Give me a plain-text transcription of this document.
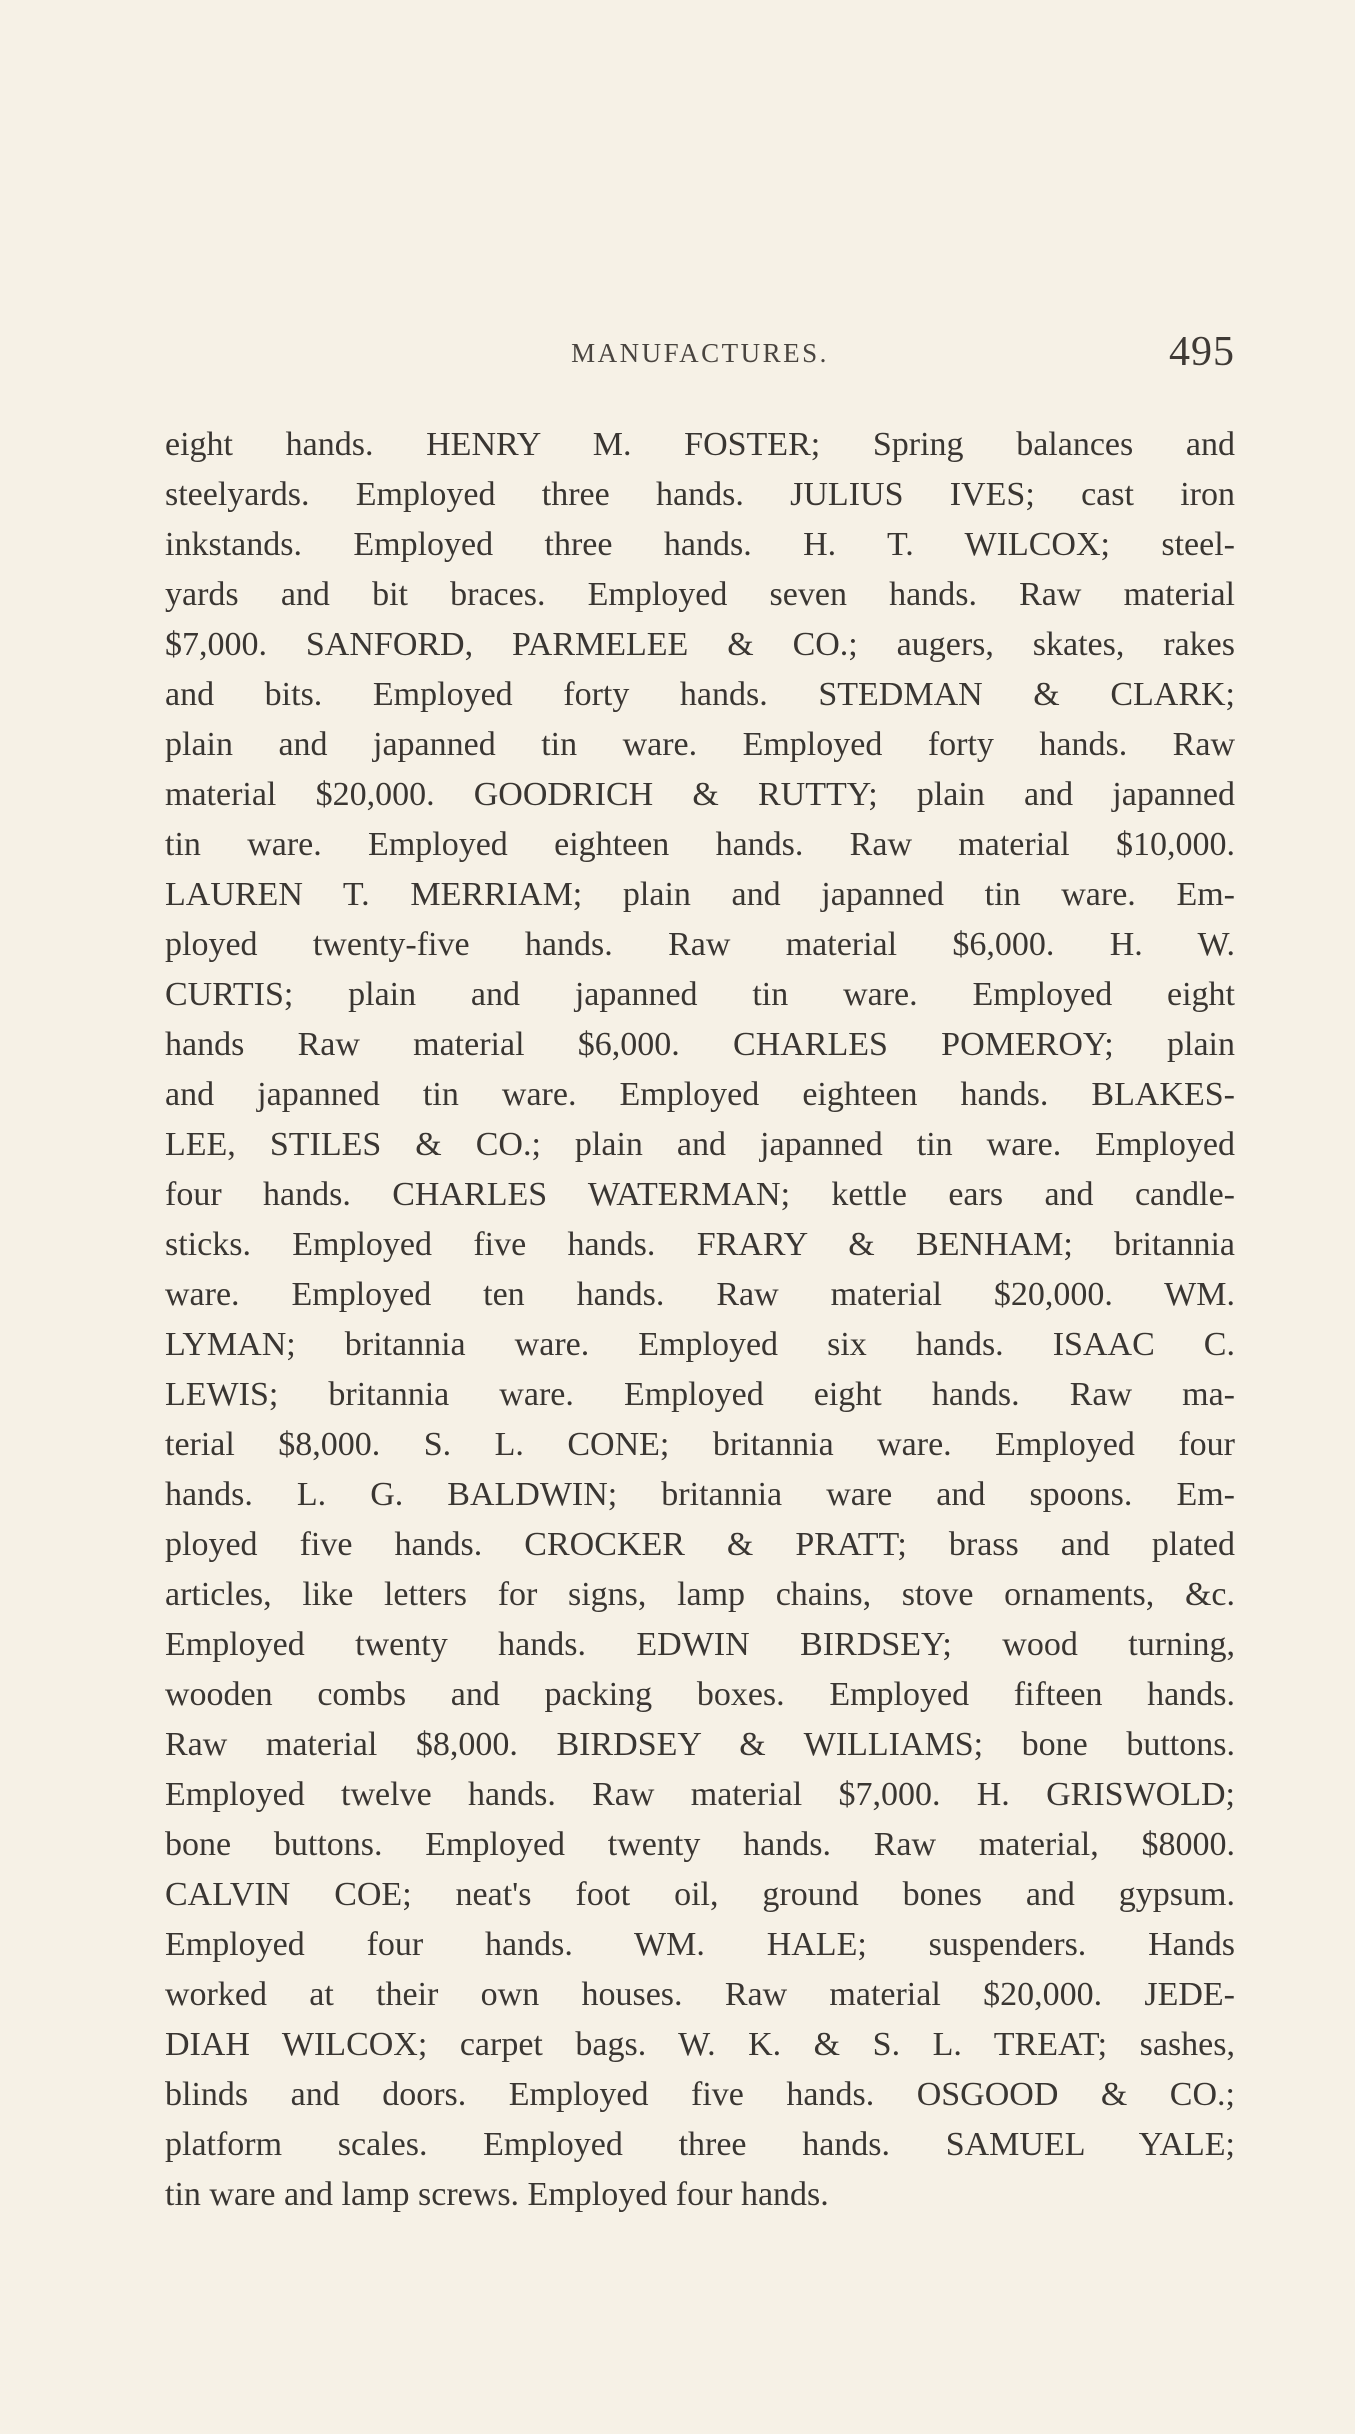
MANUFACTURES.	495
eight hands. HENRY M. FOSTER; Spring balances and
steelyards. Employed three hands. JULIUS IVES; cast iron
inkstands. Employed three hands. H. T. WILCOX; steel-
yards and bit braces. Employed seven hands. Raw material
$7,000. SANFORD, PARMELEE & CO.; augers, skates, rakes
and bits. Employed forty hands. STEDMAN & CLARK;
plain and japanned tin ware. Employed forty hands. Raw
material $20,000. GOODRICH & RUTTY; plain and japanned
tin ware. Employed eighteen hands. Raw material $10,000.
LAUREN T. MERRIAM; plain and japanned tin ware. Em-
ployed twenty-five hands. Raw material $6,000. H. W.
CURTIS; plain and japanned tin ware. Employed eight
hands Raw material $6,000. CHARLES POMEROY; plain
and japanned tin ware. Employed eighteen hands. BLAKES-
LEE, STILES & CO.; plain and japanned tin ware. Employed
four hands. CHARLES WATERMAN; kettle ears and candle-
sticks. Employed five hands. FRARY & BENHAM; britannia
ware. Employed ten hands. Raw material $20,000. WM.
LYMAN; britannia ware. Employed six hands. ISAAC C.
LEWIS; britannia ware. Employed eight hands. Raw ma-
terial $8,000. S. L. CONE; britannia ware. Employed four
hands. L. G. BALDWIN; britannia ware and spoons. Em-
ployed five hands. CROCKER & PRATT; brass and plated
articles, like letters for signs, lamp chains, stove ornaments, &c.
Employed twenty hands. EDWIN BIRDSEY; wood turning,
wooden combs and packing boxes. Employed fifteen hands.
Raw material $8,000. BIRDSEY & WILLIAMS; bone buttons.
Employed twelve hands. Raw material $7,000. H. GRISWOLD;
bone buttons. Employed twenty hands. Raw material, $8000.
CALVIN COE; neat's foot oil, ground bones and gypsum.
Employed four hands. WM. HALE; suspenders. Hands
worked at their own houses. Raw material $20,000. JEDE-
DIAH WILCOX; carpet bags. W. K. & S. L. TREAT; sashes,
blinds and doors. Employed five hands. OSGOOD & CO.;
platform scales. Employed three hands. SAMUEL YALE;
tin ware and lamp screws. Employed four hands.
